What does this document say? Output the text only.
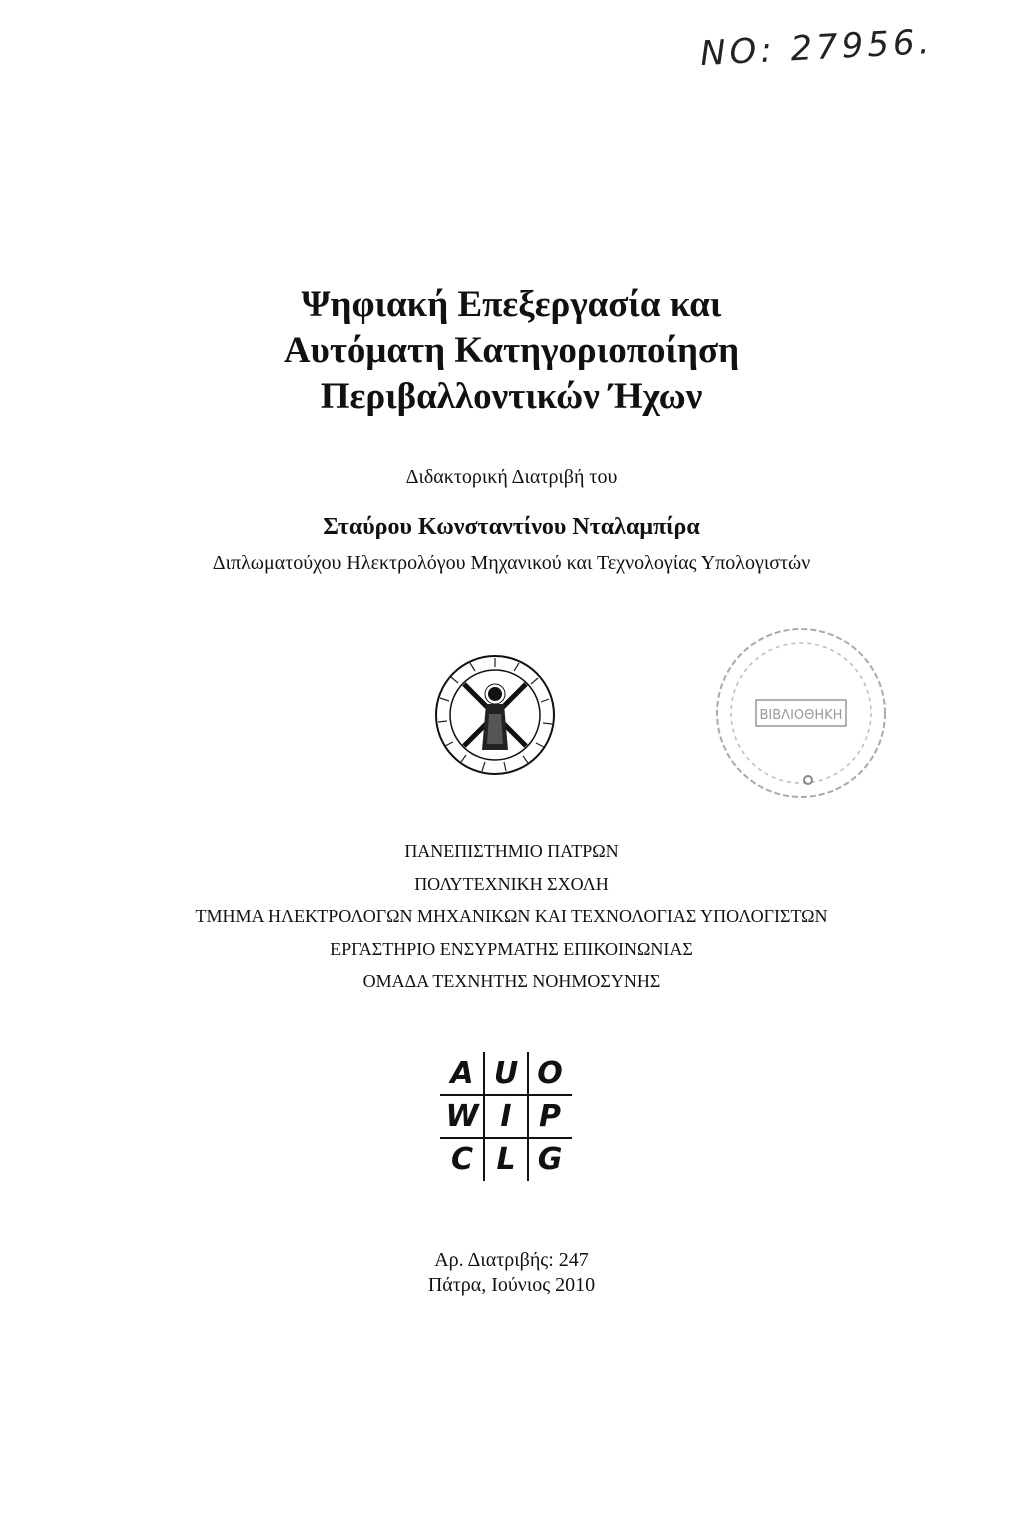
ΝΟ: 27956.
Ψηφιακή Επεξεργασία και
Αυτόματη Κατηγοριοποίηση
Περιβαλλοντικών Ήχων
Διδακτορική Διατριβή του
Σταύρου Κωνσταντίνου Νταλαμπίρα
Διπλωματούχου Ηλεκτρολόγου Μηχανικού και Τεχνολογίας Υπολογιστών
ΒΙΒΛΙΟΘΗΚΗ
ΠΑΝΕΠΙΣΤΗΜΙΟ ΠΑΤΡΩΝ
ΠΟΛΥΤΕΧΝΙΚΗ ΣΧΟΛΗ
ΤΜΗΜΑ ΗΛΕΚΤΡΟΛΟΓΩΝ ΜΗΧΑΝΙΚΩΝ ΚΑΙ ΤΕΧΝΟΛΟΓΙΑΣ ΥΠΟΛΟΓΙΣΤΩΝ
ΕΡΓΑΣΤΗΡΙΟ ΕΝΣΥΡΜΑΤΗΣ ΕΠΙΚΟΙΝΩΝΙΑΣ
ΟΜΑΔΑ ΤΕΧΝΗΤΗΣ ΝΟΗΜΟΣΥΝΗΣ
A U O
W I P
C L G
Αρ. Διατριβής: 247
Πάτρα, Ιούνιος 2010
